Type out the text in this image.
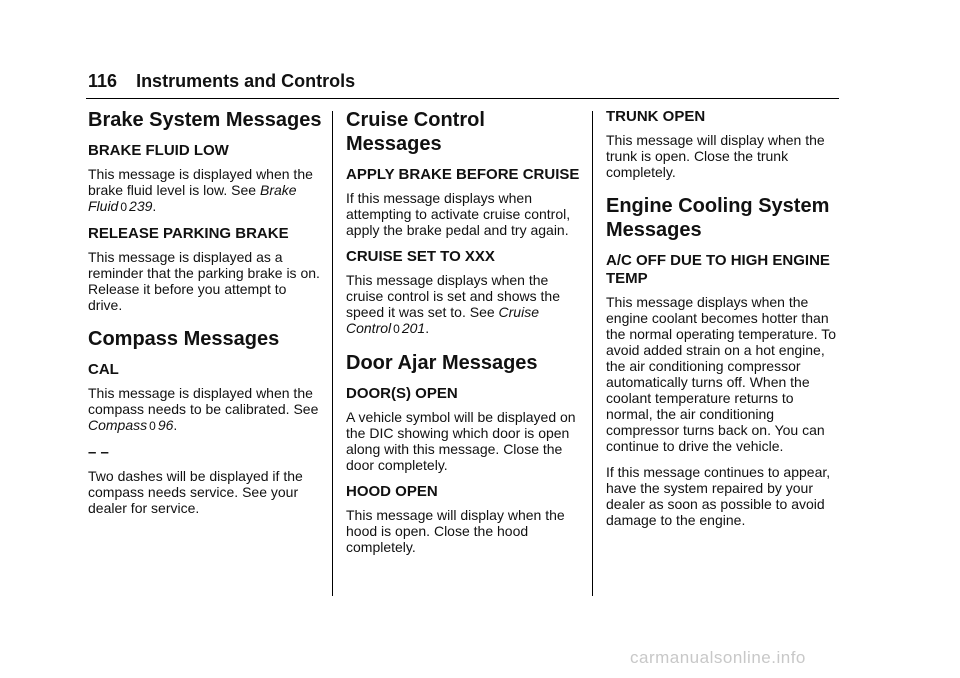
116 Instruments and Controls
Brake System Messages
BRAKE FLUID LOW

This message is displayed when the brake fluid level is low. See Brake Fluid 0 239.

RELEASE PARKING BRAKE

This message is displayed as a reminder that the parking brake is on. Release it before you attempt to drive.

Compass Messages
CAL

This message is displayed when the compass needs to be calibrated. See Compass 0 96.

– –

Two dashes will be displayed if the compass needs service. See your dealer for service.

Cruise Control Messages
APPLY BRAKE BEFORE CRUISE

If this message displays when attempting to activate cruise control, apply the brake pedal and try again.

CRUISE SET TO XXX

This message displays when the cruise control is set and shows the speed it was set to. See Cruise Control 0 201.

Door Ajar Messages
DOOR(S) OPEN

A vehicle symbol will be displayed on the DIC showing which door is open along with this message. Close the door completely.

HOOD OPEN

This message will display when the hood is open. Close the hood completely.

TRUNK OPEN

This message will display when the trunk is open. Close the trunk completely.

Engine Cooling System Messages
A/C OFF DUE TO HIGH ENGINE TEMP

This message displays when the engine coolant becomes hotter than the normal operating temperature. To avoid added strain on a hot engine, the air conditioning compressor automatically turns off. When the coolant temperature returns to normal, the air conditioning compressor turns back on. You can continue to drive the vehicle.

If this message continues to appear, have the system repaired by your dealer as soon as possible to avoid damage to the engine.

carmanualsonline.info
